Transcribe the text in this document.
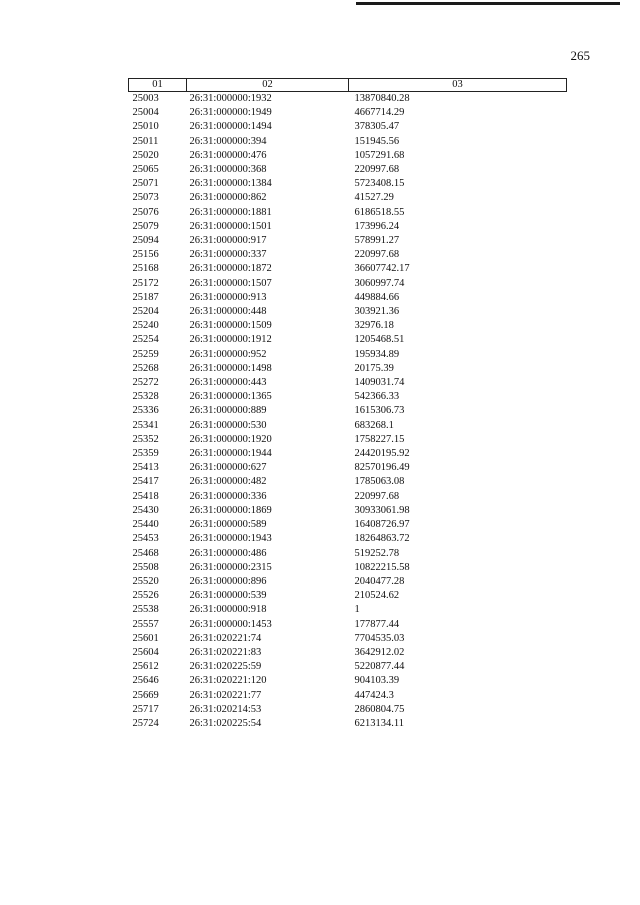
265
01	02	03
25003	26:31:000000:1932	13870840.28
25004	26:31:000000:1949	4667714.29
25010	26:31:000000:1494	378305.47
25011	26:31:000000:394	151945.56
25020	26:31:000000:476	1057291.68
25065	26:31:000000:368	220997.68
25071	26:31:000000:1384	5723408.15
25073	26:31:000000:862	41527.29
25076	26:31:000000:1881	6186518.55
25079	26:31:000000:1501	173996.24
25094	26:31:000000:917	578991.27
25156	26:31:000000:337	220997.68
25168	26:31:000000:1872	36607742.17
25172	26:31:000000:1507	3060997.74
25187	26:31:000000:913	449884.66
25204	26:31:000000:448	303921.36
25240	26:31:000000:1509	32976.18
25254	26:31:000000:1912	1205468.51
25259	26:31:000000:952	195934.89
25268	26:31:000000:1498	20175.39
25272	26:31:000000:443	1409031.74
25328	26:31:000000:1365	542366.33
25336	26:31:000000:889	1615306.73
25341	26:31:000000:530	683268.1
25352	26:31:000000:1920	1758227.15
25359	26:31:000000:1944	24420195.92
25413	26:31:000000:627	82570196.49
25417	26:31:000000:482	1785063.08
25418	26:31:000000:336	220997.68
25430	26:31:000000:1869	30933061.98
25440	26:31:000000:589	16408726.97
25453	26:31:000000:1943	18264863.72
25468	26:31:000000:486	519252.78
25508	26:31:000000:2315	10822215.58
25520	26:31:000000:896	2040477.28
25526	26:31:000000:539	210524.62
25538	26:31:000000:918	1
25557	26:31:000000:1453	177877.44
25601	26:31:020221:74	7704535.03
25604	26:31:020221:83	3642912.02
25612	26:31:020225:59	5220877.44
25646	26:31:020221:120	904103.39
25669	26:31:020221:77	447424.3
25717	26:31:020214:53	2860804.75
25724	26:31:020225:54	6213134.11
